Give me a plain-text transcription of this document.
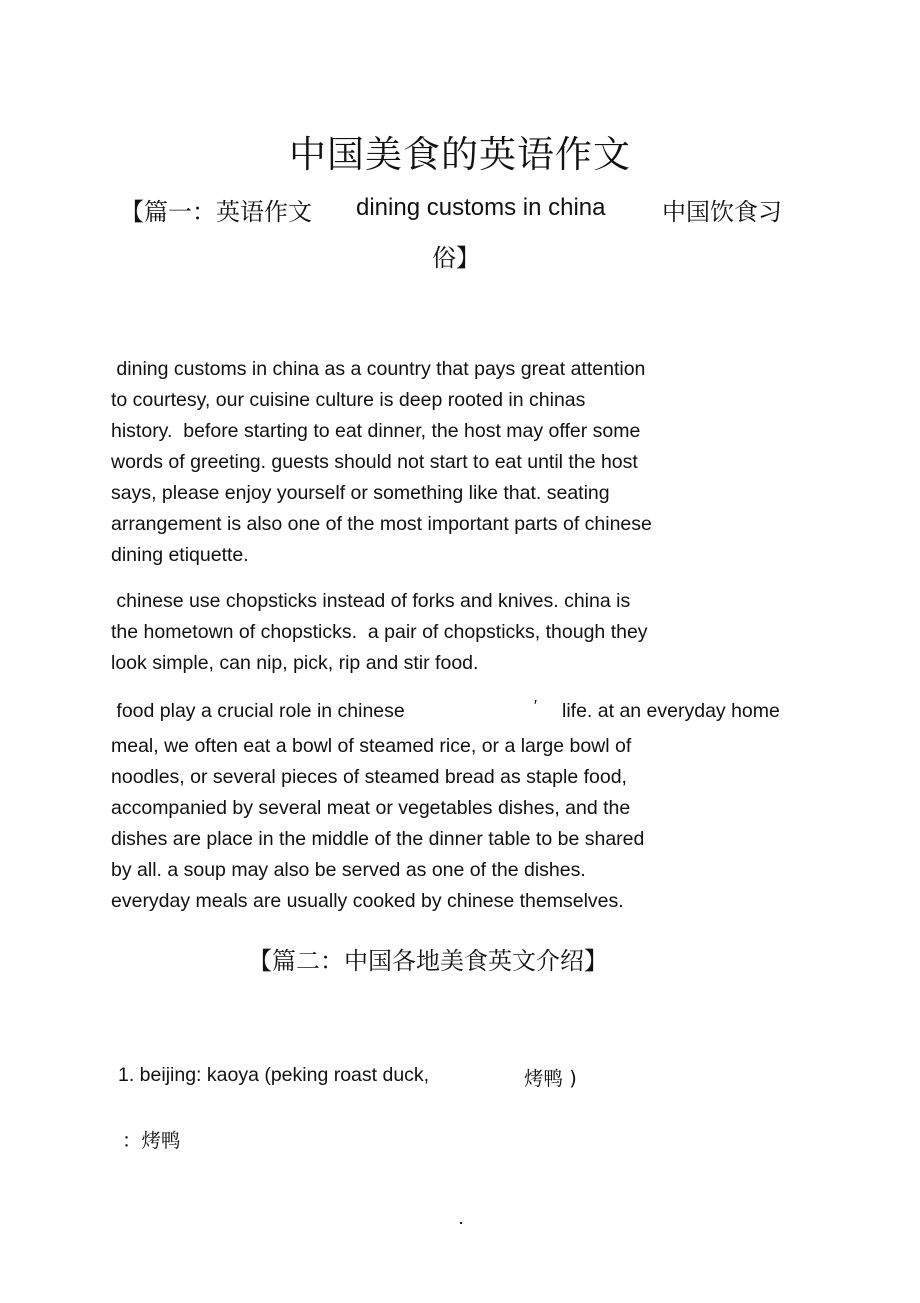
中国美食的英语作文
【篇一：英语作文 dining customs in china 中国饮食习
俗】
dining customs in china as a country that pays great attention
to courtesy, our cuisine culture is deep rooted in chinas
history.  before starting to eat dinner, the host may offer some
words of greeting. guests should not start to eat until the host
says, please enjoy yourself or something like that. seating
arrangement is also one of the most important parts of chinese
dining etiquette.
chinese use chopsticks instead of forks and knives. china is
the hometown of chopsticks.  a pair of chopsticks, though they
look simple, can nip, pick, rip and stir food.
food play a crucial role in chinese	′ life. at an everyday home
meal, we often eat a bowl of steamed rice, or a large bowl of
noodles, or several pieces of steamed bread as staple food,
accompanied by several meat or vegetables dishes, and the
dishes are place in the middle of the dinner table to be shared
by all. a soup may also be served as one of the dishes.
everyday meals are usually cooked by chinese themselves.
【篇二：中国各地美食英文介绍】
1. beijing: kaoya (peking roast duck,	烤鸭 )
：烤鸭
